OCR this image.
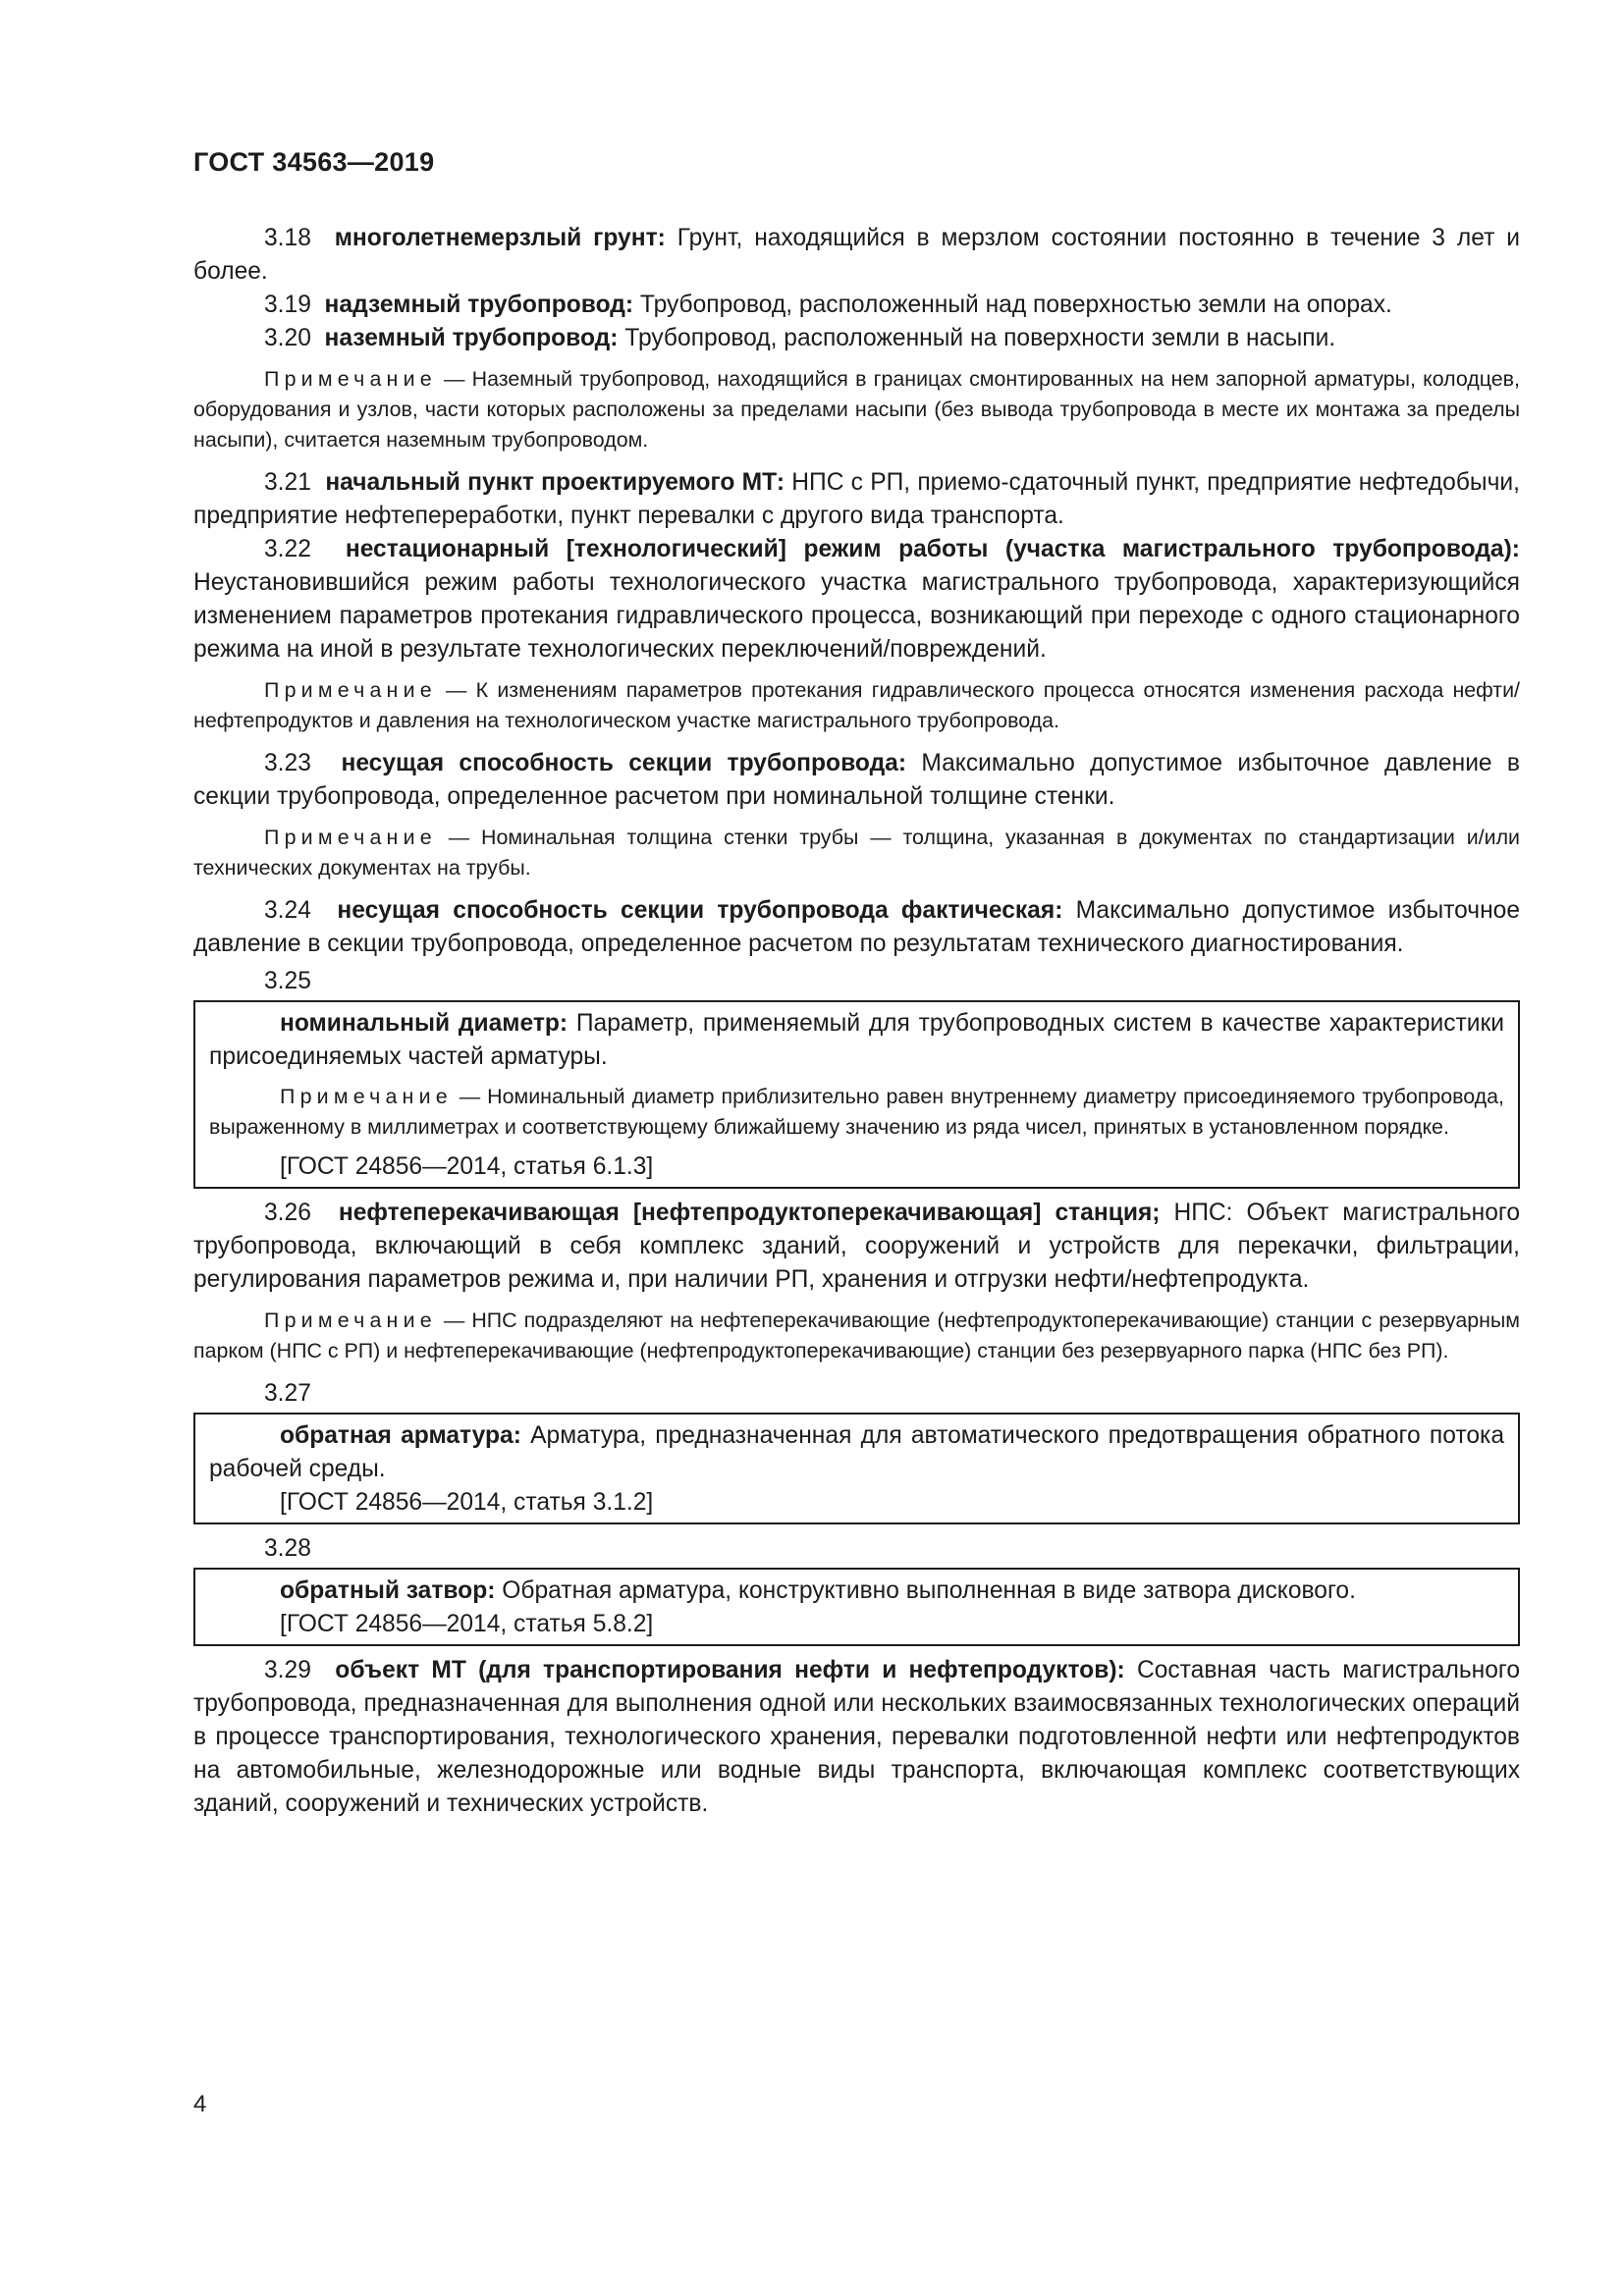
ГОСТ 34563—2019

3.18 многолетнемерзлый грунт: Грунт, находящийся в мерзлом состоянии постоянно в течение 3 лет и более.

3.19 надземный трубопровод: Трубопровод, расположенный над поверхностью земли на опорах.

3.20 наземный трубопровод: Трубопровод, расположенный на поверхности земли в насыпи.

Примечание — Наземный трубопровод, находящийся в границах смонтированных на нем запорной арматуры, колодцев, оборудования и узлов, части которых расположены за пределами насыпи (без вывода трубопровода в месте их монтажа за пределы насыпи), считается наземным трубопроводом.

3.21 начальный пункт проектируемого МТ: НПС с РП, приемо-сдаточный пункт, предприятие нефтедобычи, предприятие нефтепереработки, пункт перевалки с другого вида транспорта.

3.22 нестационарный [технологический] режим работы (участка магистрального трубопровода): Неустановившийся режим работы технологического участка магистрального трубопровода, характеризующийся изменением параметров протекания гидравлического процесса, возникающий при переходе с одного стационарного режима на иной в результате технологических переключений/повреждений.

Примечание — К изменениям параметров протекания гидравлического процесса относятся изменения расхода нефти/нефтепродуктов и давления на технологическом участке магистрального трубопровода.

3.23 несущая способность секции трубопровода: Максимально допустимое избыточное давление в секции трубопровода, определенное расчетом при номинальной толщине стенки.

Примечание — Номинальная толщина стенки трубы — толщина, указанная в документах по стандартизации и/или технических документах на трубы.

3.24 несущая способность секции трубопровода фактическая: Максимально допустимое избыточное давление в секции трубопровода, определенное расчетом по результатам технического диагностирования.

3.25

номинальный диаметр: Параметр, применяемый для трубопроводных систем в качестве характеристики присоединяемых частей арматуры.

Примечание — Номинальный диаметр приблизительно равен внутреннему диаметру присоединяемого трубопровода, выраженному в миллиметрах и соответствующему ближайшему значению из ряда чисел, принятых в установленном порядке.

[ГОСТ 24856—2014, статья 6.1.3]

3.26 нефтеперекачивающая [нефтепродуктоперекачивающая] станция; НПС: Объект магистрального трубопровода, включающий в себя комплекс зданий, сооружений и устройств для перекачки, фильтрации, регулирования параметров режима и, при наличии РП, хранения и отгрузки нефти/нефтепродукта.

Примечание — НПС подразделяют на нефтеперекачивающие (нефтепродуктоперекачивающие) станции с резервуарным парком (НПС с РП) и нефтеперекачивающие (нефтепродуктоперекачивающие) станции без резервуарного парка (НПС без РП).

3.27

обратная арматура: Арматура, предназначенная для автоматического предотвращения обратного потока рабочей среды.

[ГОСТ 24856—2014, статья 3.1.2]

3.28

обратный затвор: Обратная арматура, конструктивно выполненная в виде затвора дискового.

[ГОСТ 24856—2014, статья 5.8.2]

3.29 объект МТ (для транспортирования нефти и нефтепродуктов): Составная часть магистрального трубопровода, предназначенная для выполнения одной или нескольких взаимосвязанных технологических операций в процессе транспортирования, технологического хранения, перевалки подготовленной нефти или нефтепродуктов на автомобильные, железнодорожные или водные виды транспорта, включающая комплекс соответствующих зданий, сооружений и технических устройств.

4
